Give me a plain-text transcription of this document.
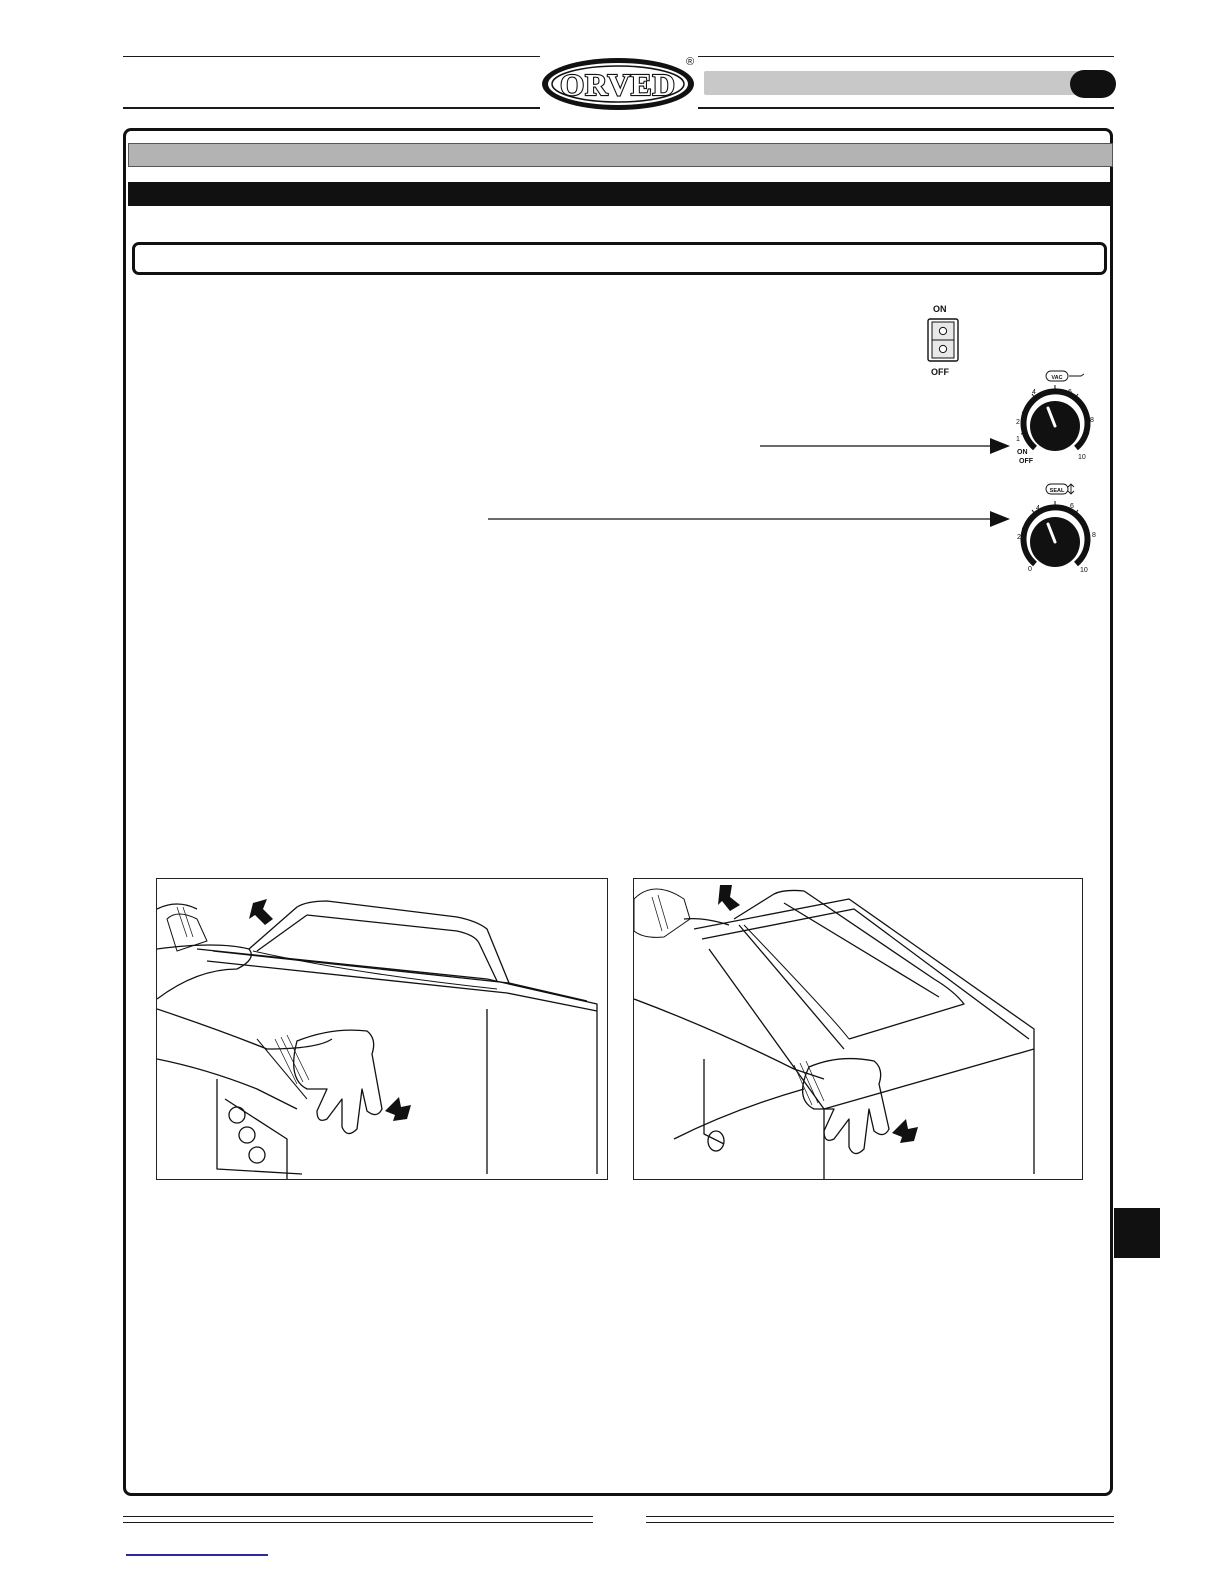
ORVED
®
ON
OFF
VAC
1
2
4	6
8
10
ON
OFF
SEAL
0
2
4	6
8
10
